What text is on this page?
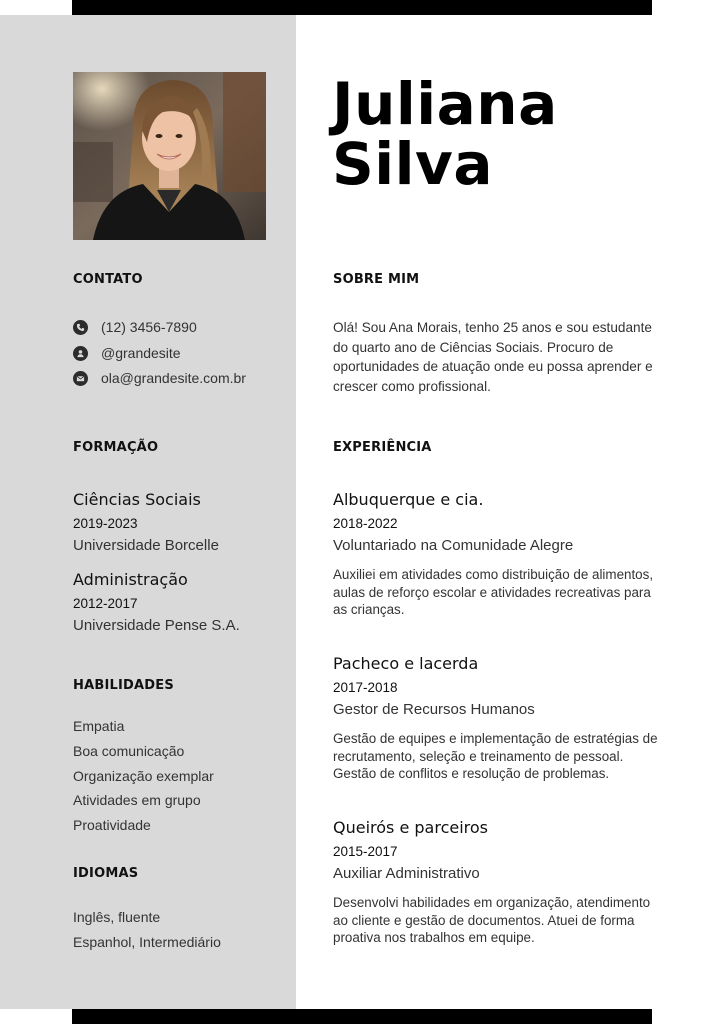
Juliana
Silva
CONTATO	SOBRE MIM
FORMAÇÃO	EXPERIÊNCIA
HABILIDADES
IDIOMAS
(12) 3456-7890
@grandesite
ola@grandesite.com.br
Olá! Sou Ana Morais, tenho 25 anos e sou estudante do quarto ano de Ciências Sociais. Procuro de oportunidades de atuação onde eu possa aprender e crescer como profissional.
Ciências Sociais
2019-2023
Universidade Borcelle
Administração
2012-2017
Universidade Pense S.A.
Empatia
Boa comunicação
Organização exemplar
Atividades em grupo
Proatividade
Inglês, fluente
Espanhol, Intermediário
Albuquerque e cia.
2018-2022
Voluntariado na Comunidade Alegre
Auxiliei em atividades como distribuição de alimentos, aulas de reforço escolar e atividades recreativas para as crianças.
Pacheco e lacerda
2017-2018
Gestor de Recursos Humanos
Gestão de equipes e implementação de estratégias de recrutamento, seleção e treinamento de pessoal. Gestão de conflitos e resolução de problemas.
Queirós e parceiros
2015-2017
Auxiliar Administrativo
Desenvolvi habilidades em organização, atendimento ao cliente e gestão de documentos. Atuei de forma proativa nos trabalhos em equipe.
